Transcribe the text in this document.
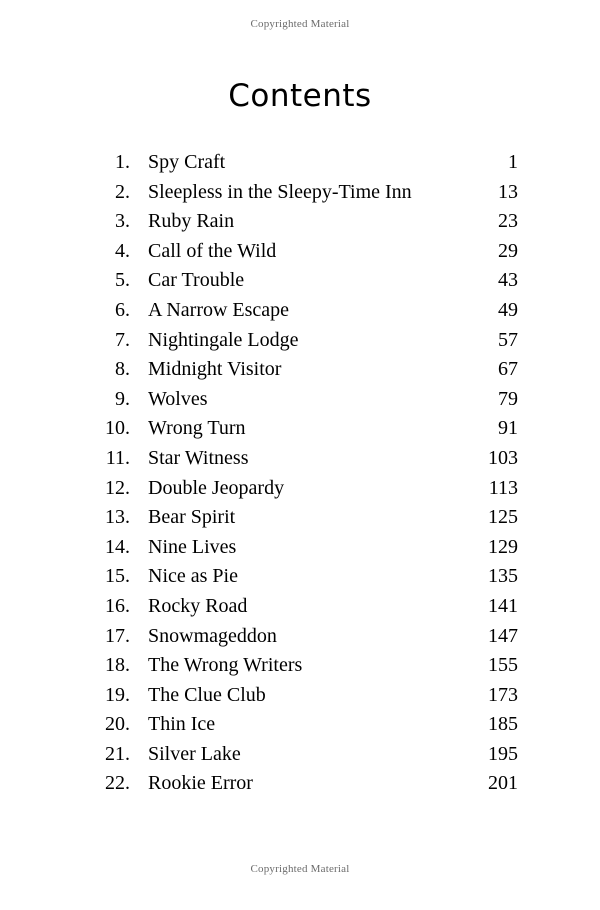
Copyrighted Material
Contents
1. Spy Craft	1
2. Sleepless in the Sleepy-Time Inn	13
3. Ruby Rain	23
4. Call of the Wild	29
5. Car Trouble	43
6. A Narrow Escape	49
7. Nightingale Lodge	57
8. Midnight Visitor	67
9. Wolves	79
10. Wrong Turn	91
11. Star Witness	103
12. Double Jeopardy	113
13. Bear Spirit	125
14. Nine Lives	129
15. Nice as Pie	135
16. Rocky Road	141
17. Snowmageddon	147
18. The Wrong Writers	155
19. The Clue Club	173
20. Thin Ice	185
21. Silver Lake	195
22. Rookie Error	201
Copyrighted Material
